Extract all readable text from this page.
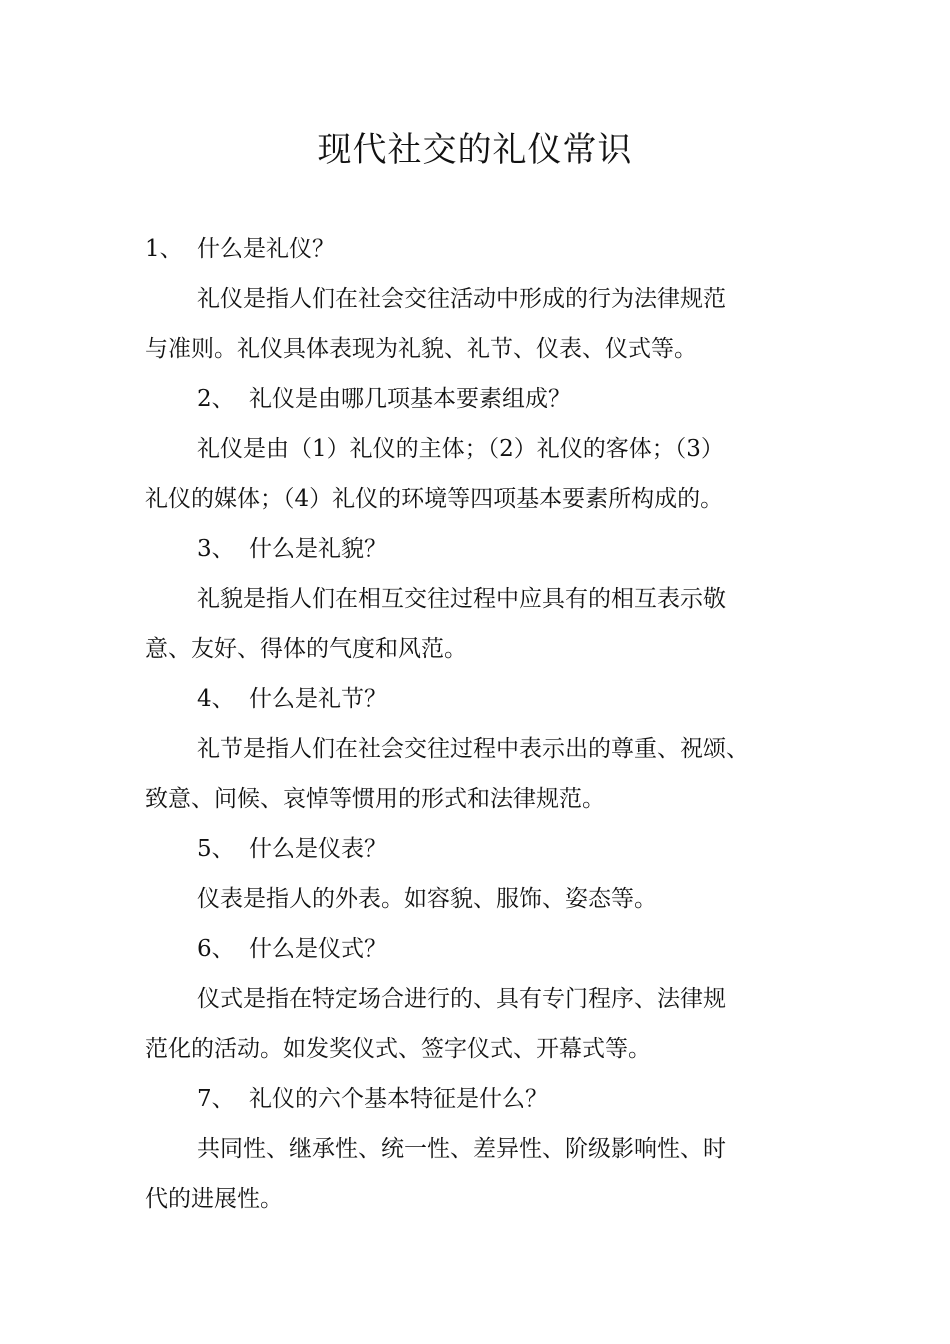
现代社交的礼仪常识
1、 什么是礼仪？
礼仪是指人们在社会交往活动中形成的行为法律规范
与准则。礼仪具体表现为礼貌、礼节、仪表、仪式等。
2、 礼仪是由哪几项基本要素组成？
礼仪是由（1）礼仪的主体；（2）礼仪的客体；（3）
礼仪的媒体；（4）礼仪的环境等四项基本要素所构成的。
3、 什么是礼貌？
礼貌是指人们在相互交往过程中应具有的相互表示敬
意、友好、得体的气度和风范。
4、 什么是礼节？
礼节是指人们在社会交往过程中表示出的尊重、祝颂、
致意、问候、哀悼等惯用的形式和法律规范。
5、 什么是仪表？
仪表是指人的外表。如容貌、服饰、姿态等。
6、 什么是仪式？
仪式是指在特定场合进行的、具有专门程序、法律规
范化的活动。如发奖仪式、签字仪式、开幕式等。
7、 礼仪的六个基本特征是什么？
共同性、继承性、统一性、差异性、阶级影响性、时
代的进展性。
